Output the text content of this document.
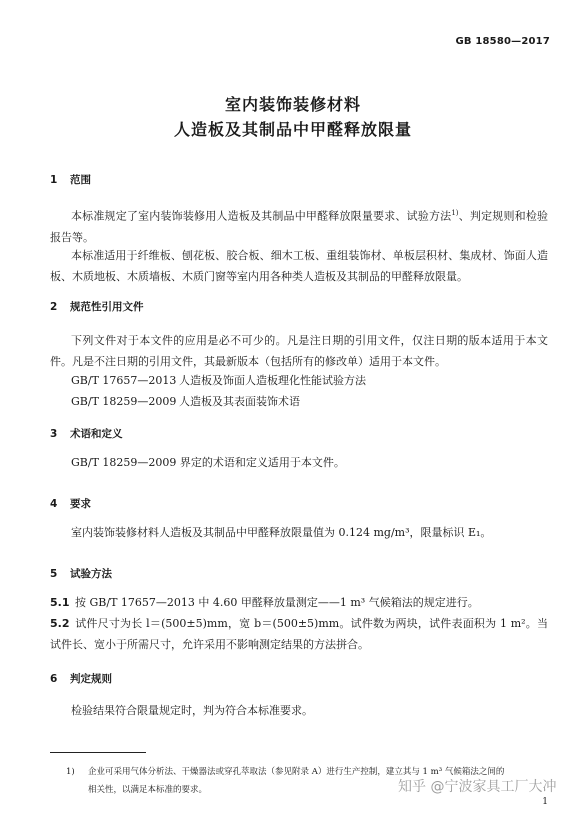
GB 18580—2017
室内装饰装修材料
人造板及其制品中甲醛释放限量
1 范围
本标准规定了室内装饰装修用人造板及其制品中甲醛释放限量要求、试验方法$^{1)}$、判定规则和检验报告等。
本标准适用于纤维板、刨花板、胶合板、细木工板、重组装饰材、单板层积材、集成材、饰面人造板、木质地板、木质墙板、木质门窗等室内用各种类人造板及其制品的甲醛释放限量。
2 规范性引用文件
下列文件对于本文件的应用是必不可少的。凡是注日期的引用文件，仅注日期的版本适用于本文件。凡是不注日期的引用文件，其最新版本（包括所有的修改单）适用于本文件。
GB/T 17657—2013 人造板及饰面人造板理化性能试验方法
GB/T 18259—2009 人造板及其表面装饰术语
3 术语和定义
GB/T 18259—2009 界定的术语和定义适用于本文件。
4 要求
室内装饰装修材料人造板及其制品中甲醛释放限量值为 0.124 mg/m³，限量标识 E₁。
5 试验方法
5.1 按 GB/T 17657—2013 中 4.60 甲醛释放量测定——1 m³ 气候箱法的规定进行。
5.2 试件尺寸为长 l＝(500±5)mm，宽 b＝(500±5)mm。试件数为两块，试件表面积为 1 m²。当试件长、宽小于所需尺寸，允许采用不影响测定结果的方法拼合。
6 判定规则
检验结果符合限量规定时，判为符合本标准要求。
1) 企业可采用气体分析法、干燥器法或穿孔萃取法（参见附录 A）进行生产控制，建立其与 1 m³ 气候箱法之间的
相关性，以满足本标准的要求。	知乎 @宁波家具工厂大冲
1
